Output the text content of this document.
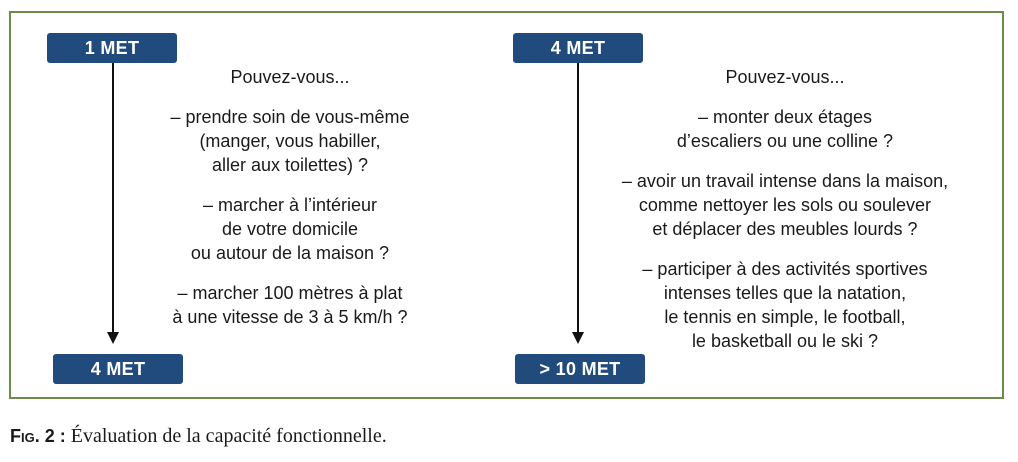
1 MET
4 MET

Pouvez-vous...

– prendre soin de vous-même

(manger, vous habiller,

aller aux toilettes) ?

– marcher à l’intérieur

de votre domicile

ou autour de la maison ?

– marcher 100 mètres à plat

à une vitesse de 3 à 5 km/h ?

4 MET
> 10 MET

Pouvez-vous...

– monter deux étages

d’escaliers ou une colline ?

– avoir un travail intense dans la maison,

comme nettoyer les sols ou soulever

et déplacer des meubles lourds ?

– participer à des activités sportives

intenses telles que la natation,

le tennis en simple, le football,

le basketball ou le ski ?

Fig. 2 : Évaluation de la capacité fonctionnelle.
